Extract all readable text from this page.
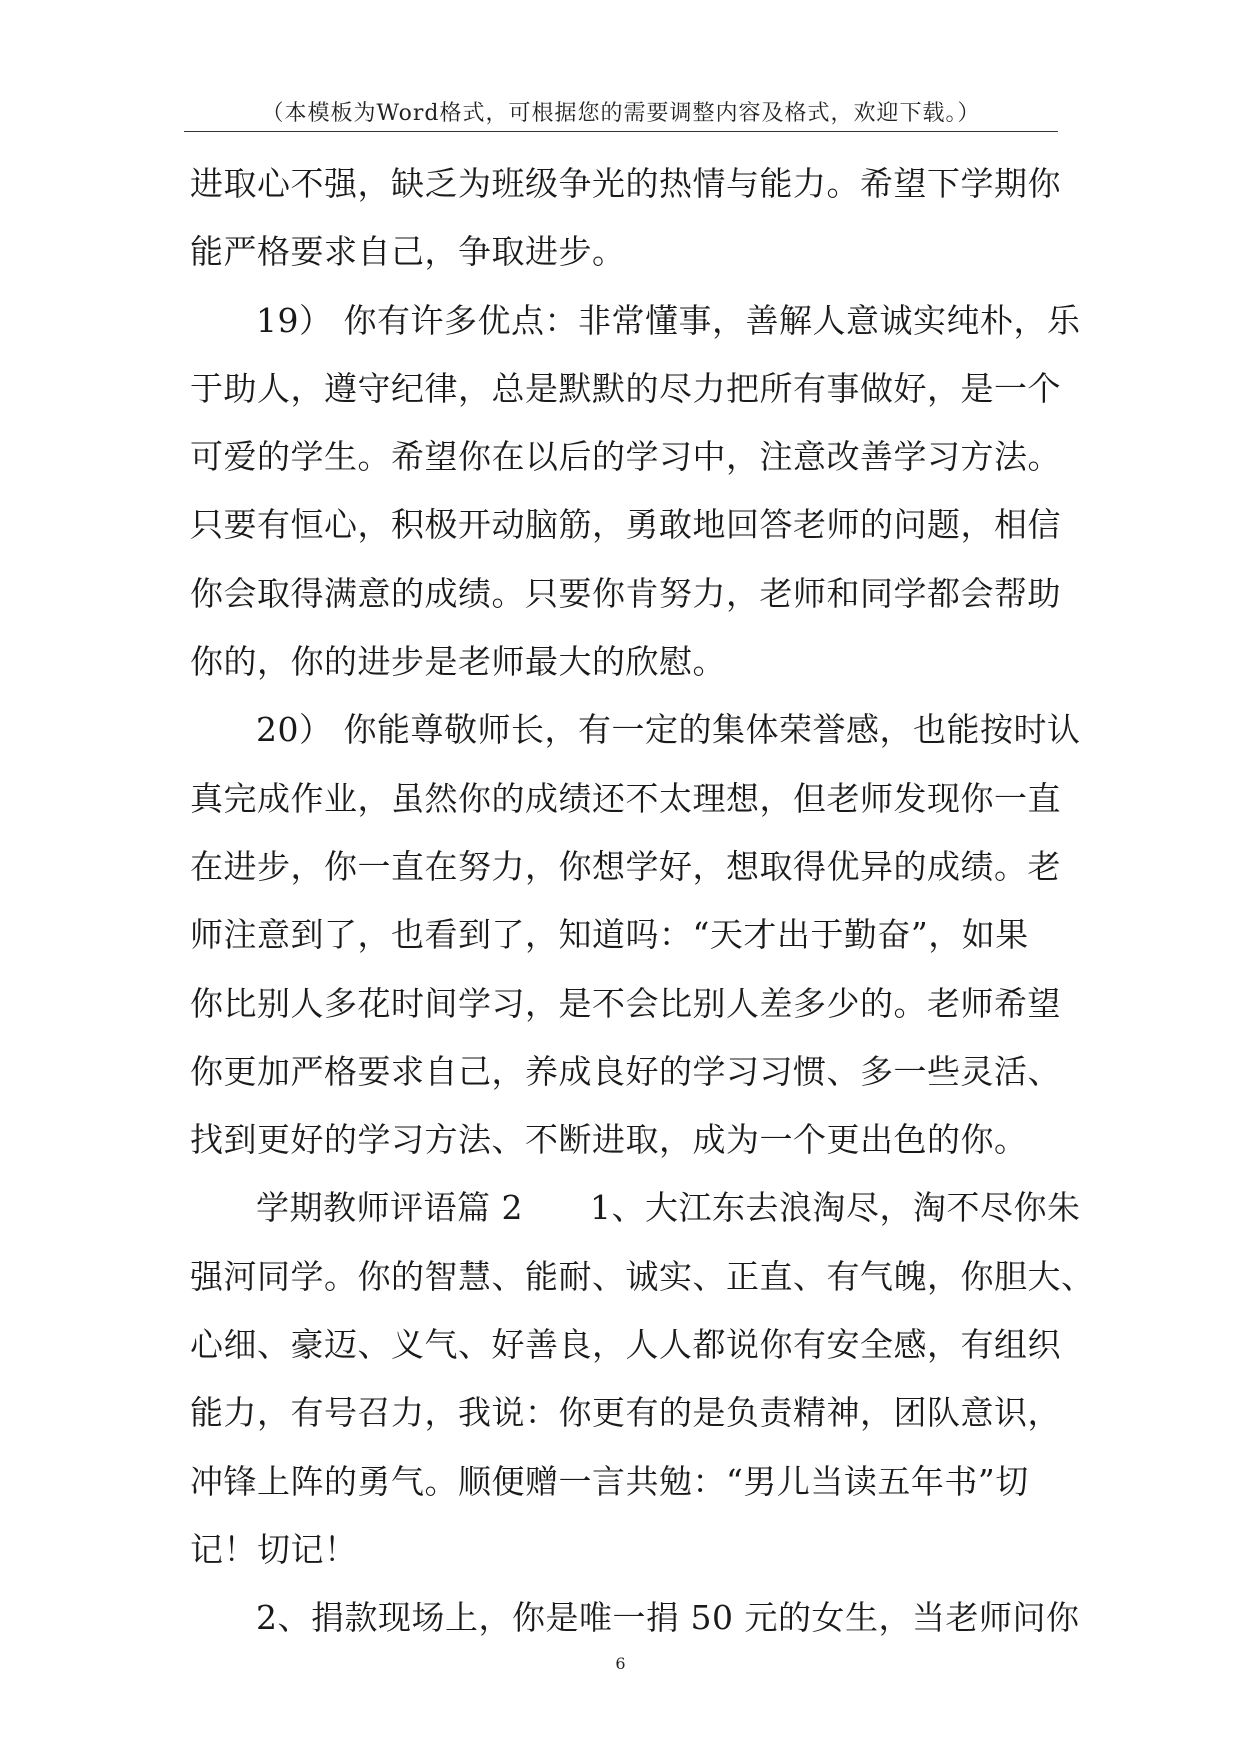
（本模板为Word格式，可根据您的需要调整内容及格式，欢迎下载。）
进取心不强，缺乏为班级争光的热情与能力。希望下学期你
能严格要求自己，争取进步。
19） 你有许多优点：非常懂事，善解人意诚实纯朴，乐
于助人，遵守纪律，总是默默的尽力把所有事做好，是一个
可爱的学生。希望你在以后的学习中，注意改善学习方法。
只要有恒心，积极开动脑筋，勇敢地回答老师的问题，相信
你会取得满意的成绩。只要你肯努力，老师和同学都会帮助
你的，你的进步是老师最大的欣慰。
20） 你能尊敬师长，有一定的集体荣誉感，也能按时认
真完成作业，虽然你的成绩还不太理想，但老师发现你一直
在进步，你一直在努力，你想学好，想取得优异的成绩。老
师注意到了，也看到了，知道吗：“天才出于勤奋”，如果
你比别人多花时间学习，是不会比别人差多少的。老师希望
你更加严格要求自己，养成良好的学习习惯、多一些灵活、
找到更好的学习方法、不断进取，成为一个更出色的你。
学期教师评语篇 2　　1、大江东去浪淘尽，淘不尽你朱
强河同学。你的智慧、能耐、诚实、正直、有气魄，你胆大、
心细、豪迈、义气、好善良，人人都说你有安全感，有组织
能力，有号召力，我说：你更有的是负责精神，团队意识，
冲锋上阵的勇气。顺便赠一言共勉：“男儿当读五年书”切
记！切记！
2、捐款现场上，你是唯一捐 50 元的女生，当老师问你
6
